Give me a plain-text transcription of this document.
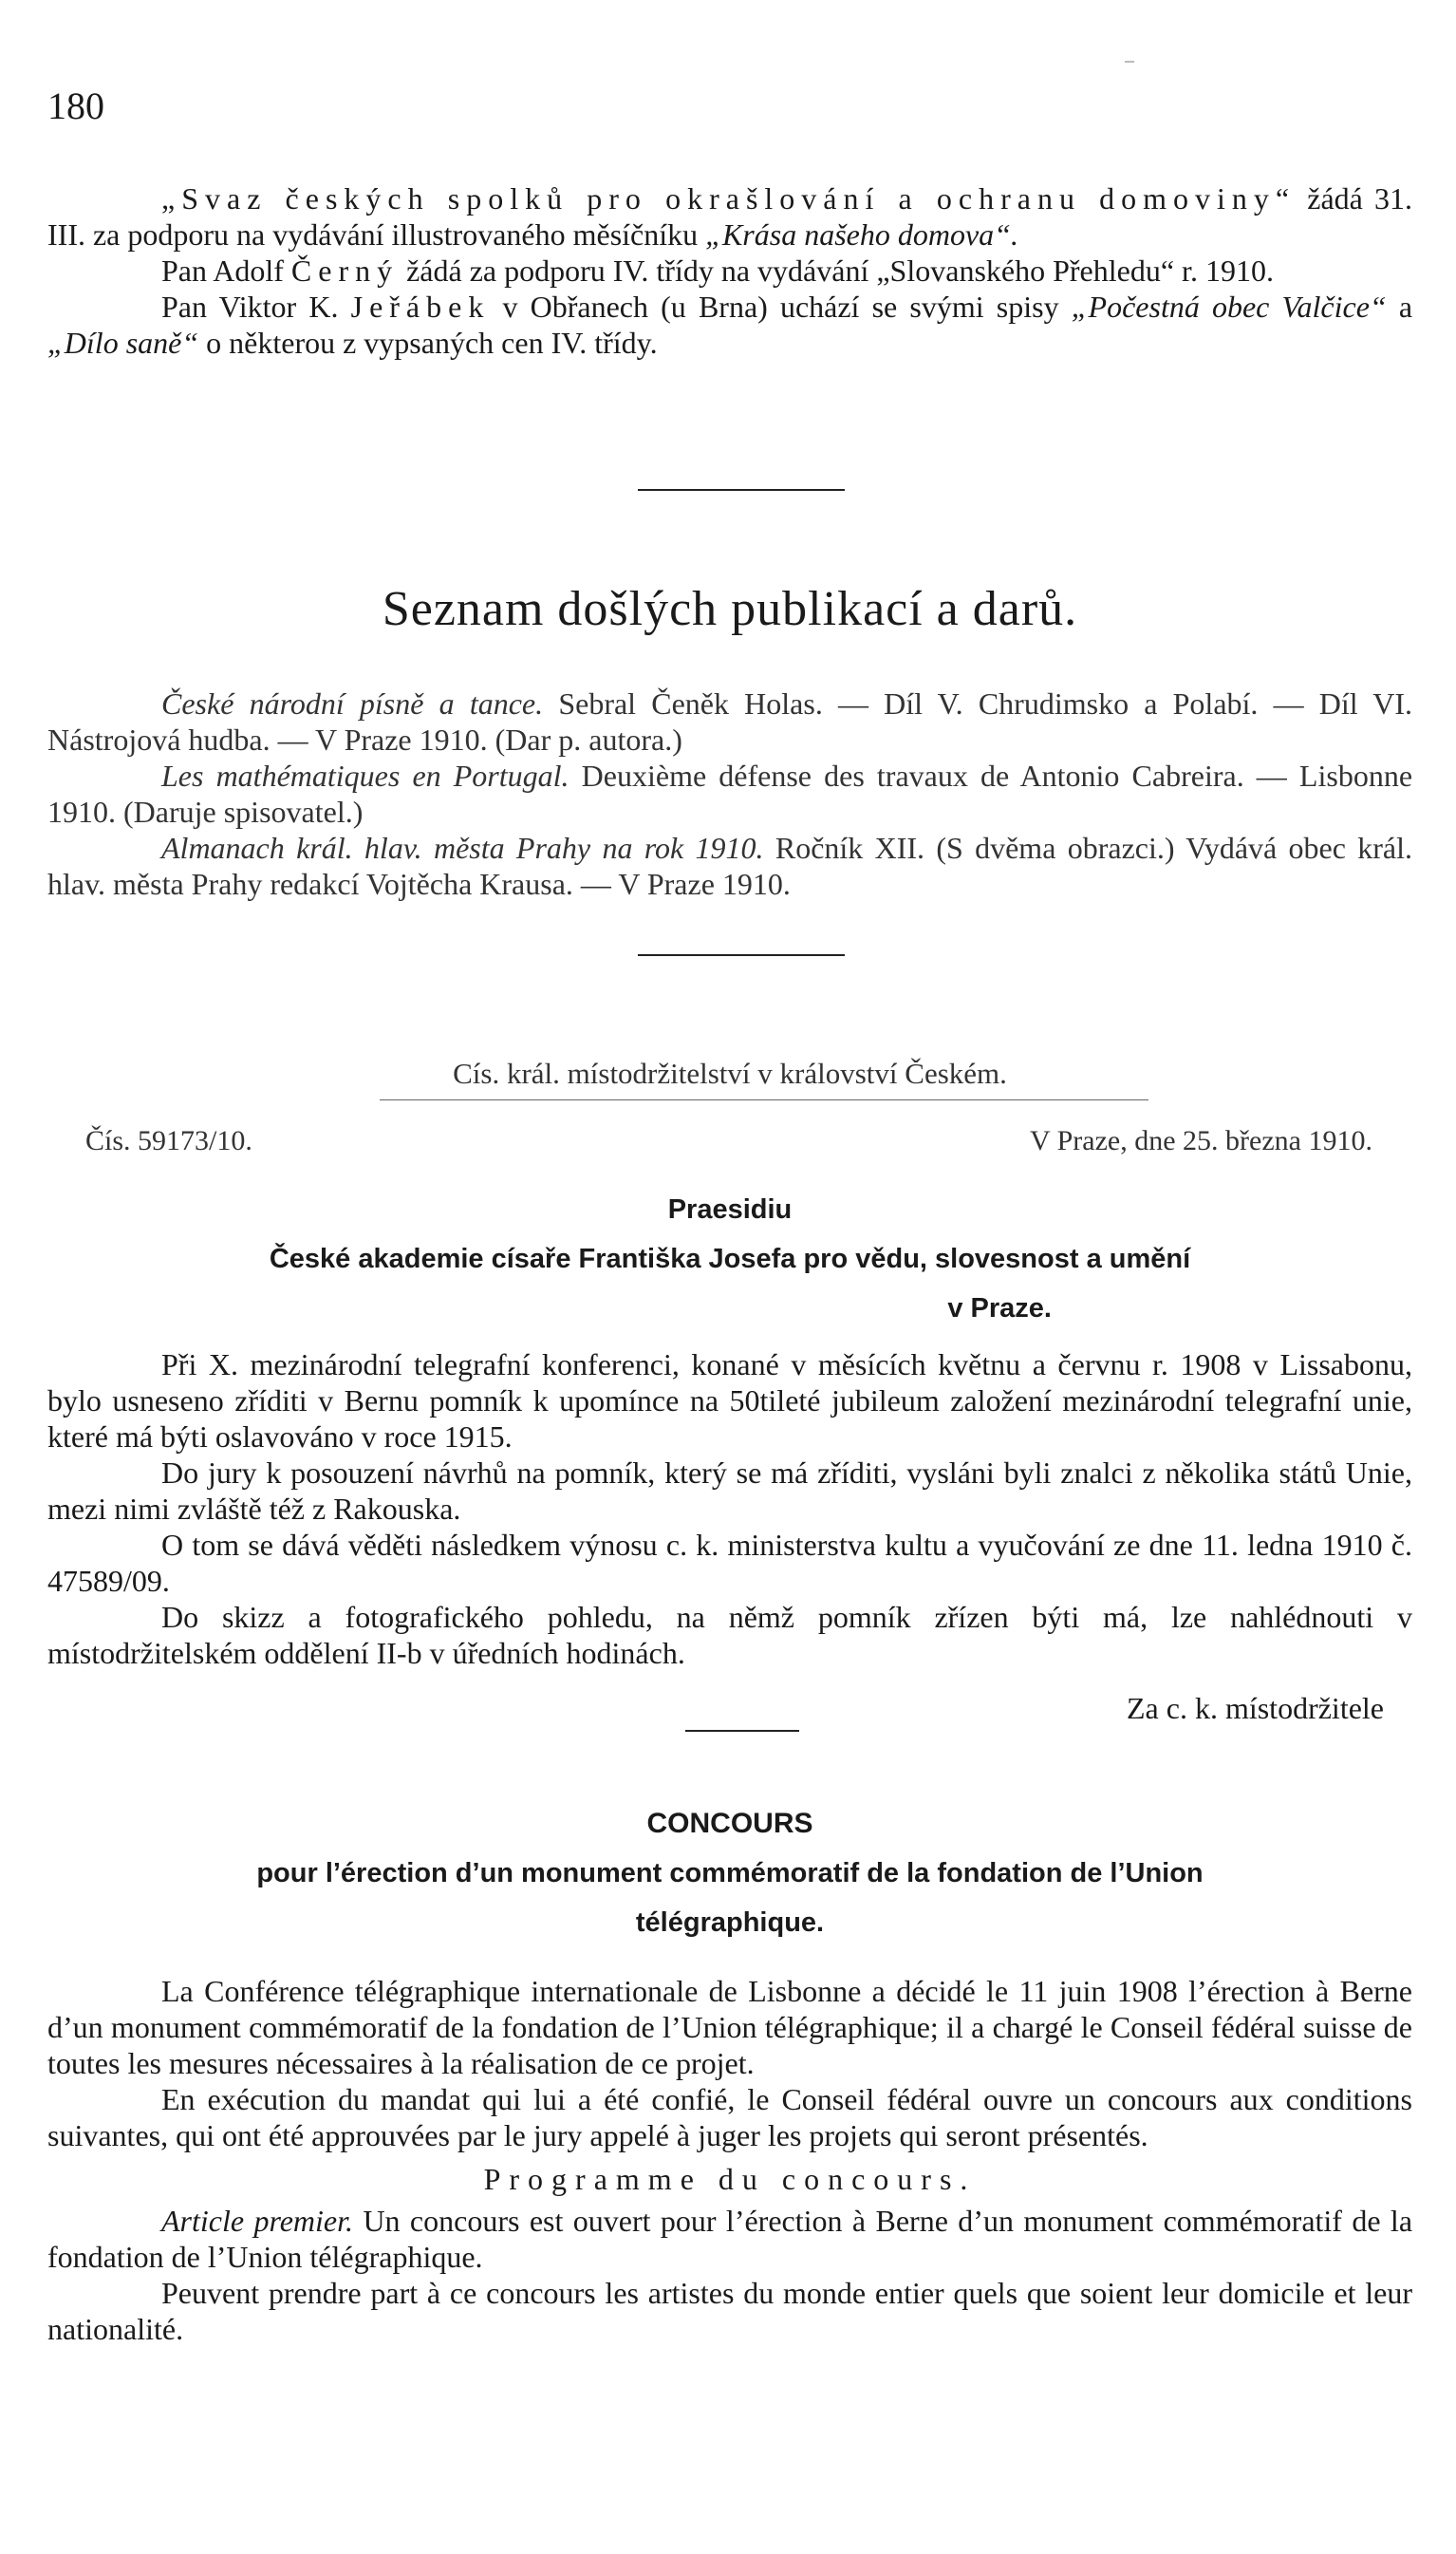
180

„Svaz českých spolků pro okrašlování a ochranu domoviny“ žádá 31. III. za podporu na vydávání illustrovaného měsíčníku „Krása našeho domova“.

Pan Adolf Černý žádá za podporu IV. třídy na vydávání „Slovanského Přehledu“ r. 1910.

Pan Viktor K. Jeřábek v Obřanech (u Brna) uchází se svými spisy „Počestná obec Valčice“ a „Dílo saně“ o některou z vypsaných cen IV. třídy.

Seznam došlých publikací a darů.

České národní písně a tance. Sebral Čeněk Holas. — Díl V. Chrudimsko a Polabí. — Díl VI. Nástrojová hudba. — V Praze 1910. (Dar p. autora.)

Les mathématiques en Portugal. Deuxième défense des travaux de Antonio Cabreira. — Lisbonne 1910. (Daruje spisovatel.)

Almanach král. hlav. města Prahy na rok 1910. Ročník XII. (S dvěma obrazci.) Vydává obec král. hlav. města Prahy redakcí Vojtěcha Krausa. — V Praze 1910.

Cís. král. místodržitelství v království Českém.

Čís. 59173/10.	V Praze, dne 25. března 1910.
Praesidiu
České akademie císaře Františka Josefa pro vědu, slovesnost a umění
v Praze.

Při X. mezinárodní telegrafní konferenci, konané v měsících květnu a červnu r. 1908 v Lissabonu, bylo usneseno zříditi v Bernu pomník k upomínce na 50tileté jubileum založení mezinárodní telegrafní unie, které má býti oslavováno v roce 1915.

Do jury k posouzení návrhů na pomník, který se má zříditi, vysláni byli znalci z několika států Unie, mezi nimi zvláště též z Rakouska.

O tom se dává věděti následkem výnosu c. k. ministerstva kultu a vyučování ze dne 11. ledna 1910 č. 47589/09.

Do skizz a fotografického pohledu, na němž pomník zřízen býti má, lze nahlédnouti v místodržitelském oddělení II-b v úředních hodinách.

Za c. k. místodržitele

CONCOURS
pour l’érection d’un monument commémoratif de la fondation de l’Union
télégraphique.

La Conférence télégraphique internationale de Lisbonne a décidé le 11 juin 1908 l’érection à Berne d’un monument commémoratif de la fondation de l’Union télégraphique; il a chargé le Conseil fédéral suisse de toutes les mesures nécessaires à la réalisation de ce projet.

En exécution du mandat qui lui a été confié, le Conseil fédéral ouvre un concours aux conditions suivantes, qui ont été approuvées par le jury appelé à juger les projets qui seront présentés.

Programme du concours.

Article premier. Un concours est ouvert pour l’érection à Berne d’un monument commémoratif de la fondation de l’Union télégraphique.

Peuvent prendre part à ce concours les artistes du monde entier quels que soient leur domicile et leur nationalité.
